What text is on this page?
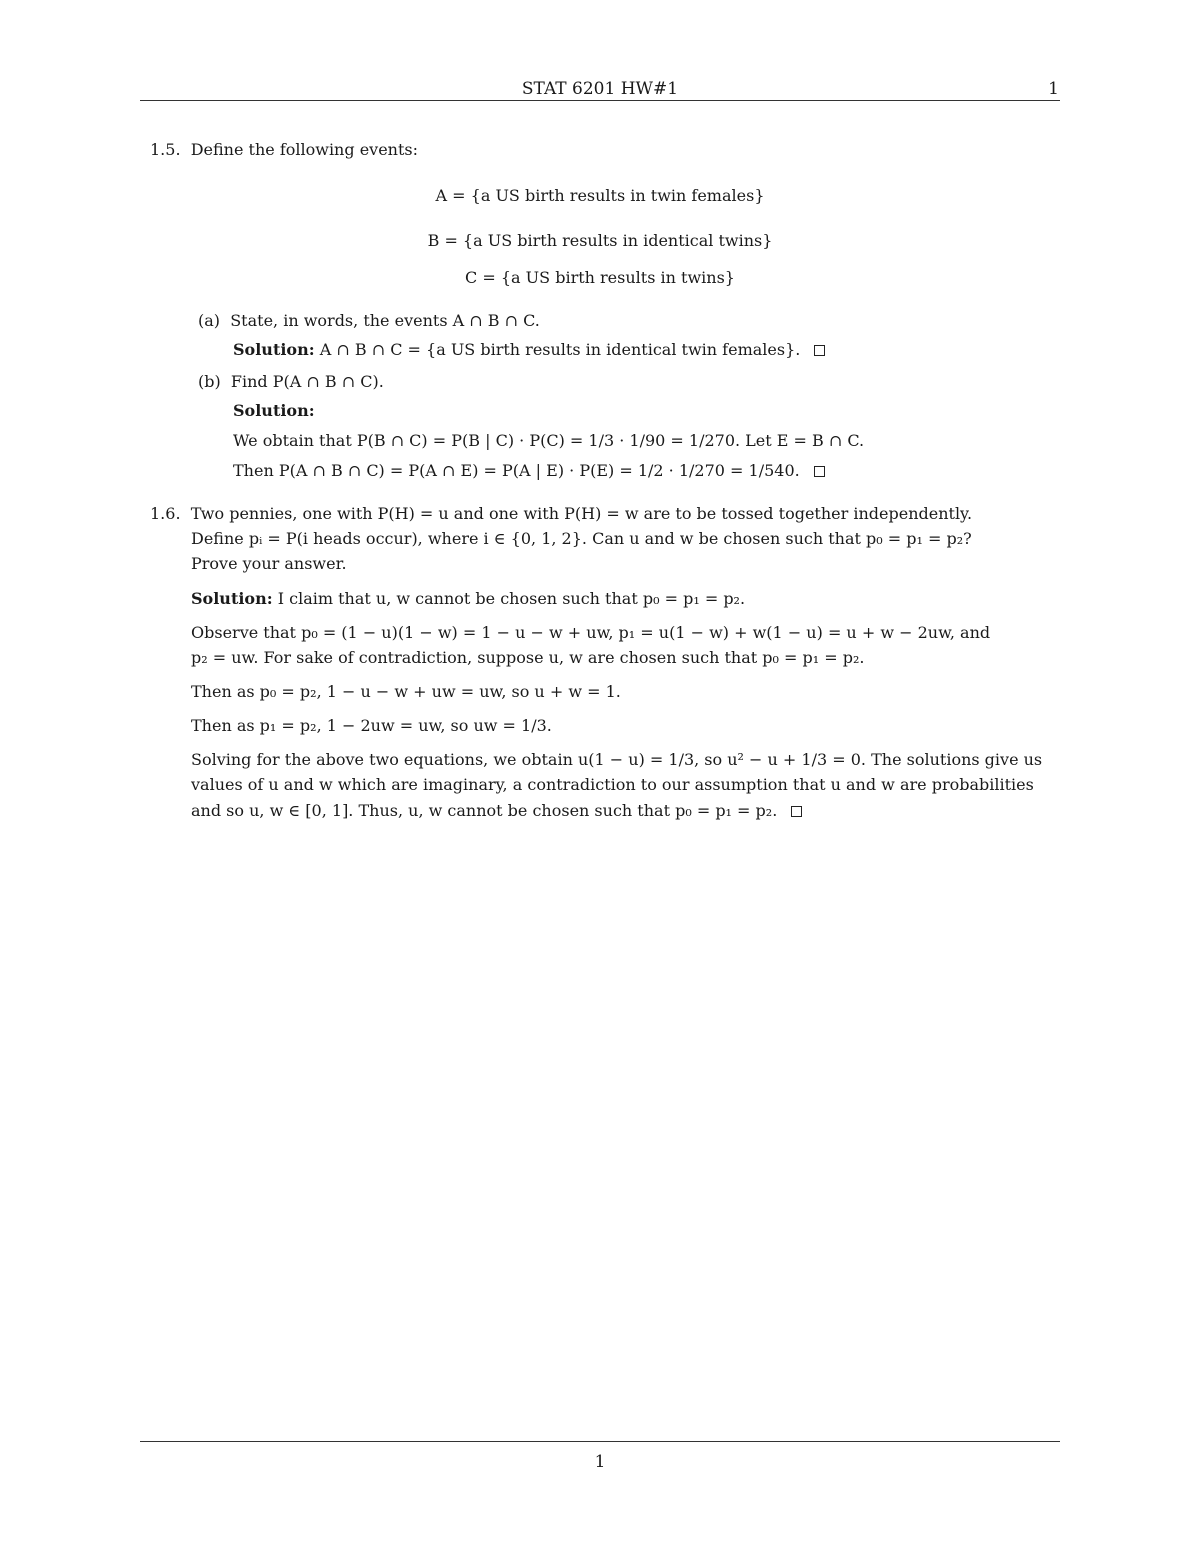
STAT 6201 HW#1	1
1.5. Define the following events:
A = {a US birth results in twin females}
B = {a US birth results in identical twins}
C = {a US birth results in twins}
(a) State, in words, the events A ∩ B ∩ C.
Solution: A ∩ B ∩ C = {a US birth results in identical twin females}.
(b) Find P(A ∩ B ∩ C).
Solution:
We obtain that P(B ∩ C) = P(B | C) · P(C) = 1/3 · 1/90 = 1/270. Let E = B ∩ C.
Then P(A ∩ B ∩ C) = P(A ∩ E) = P(A | E) · P(E) = 1/2 · 1/270 = 1/540.
1.6. Two pennies, one with P(H) = u and one with P(H) = w are to be tossed together independently.
Define pᵢ = P(i heads occur), where i ∈ {0, 1, 2}. Can u and w be chosen such that p₀ = p₁ = p₂?
Prove your answer.
Solution: I claim that u, w cannot be chosen such that p₀ = p₁ = p₂.
Observe that p₀ = (1 − u)(1 − w) = 1 − u − w + uw, p₁ = u(1 − w) + w(1 − u) = u + w − 2uw, and
p₂ = uw. For sake of contradiction, suppose u, w are chosen such that p₀ = p₁ = p₂.
Then as p₀ = p₂, 1 − u − w + uw = uw, so u + w = 1.
Then as p₁ = p₂, 1 − 2uw = uw, so uw = 1/3.
Solving for the above two equations, we obtain u(1 − u) = 1/3, so u² − u + 1/3 = 0. The solutions give us
values of u and w which are imaginary, a contradiction to our assumption that u and w are probabilities
and so u, w ∈ [0, 1]. Thus, u, w cannot be chosen such that p₀ = p₁ = p₂.
1
